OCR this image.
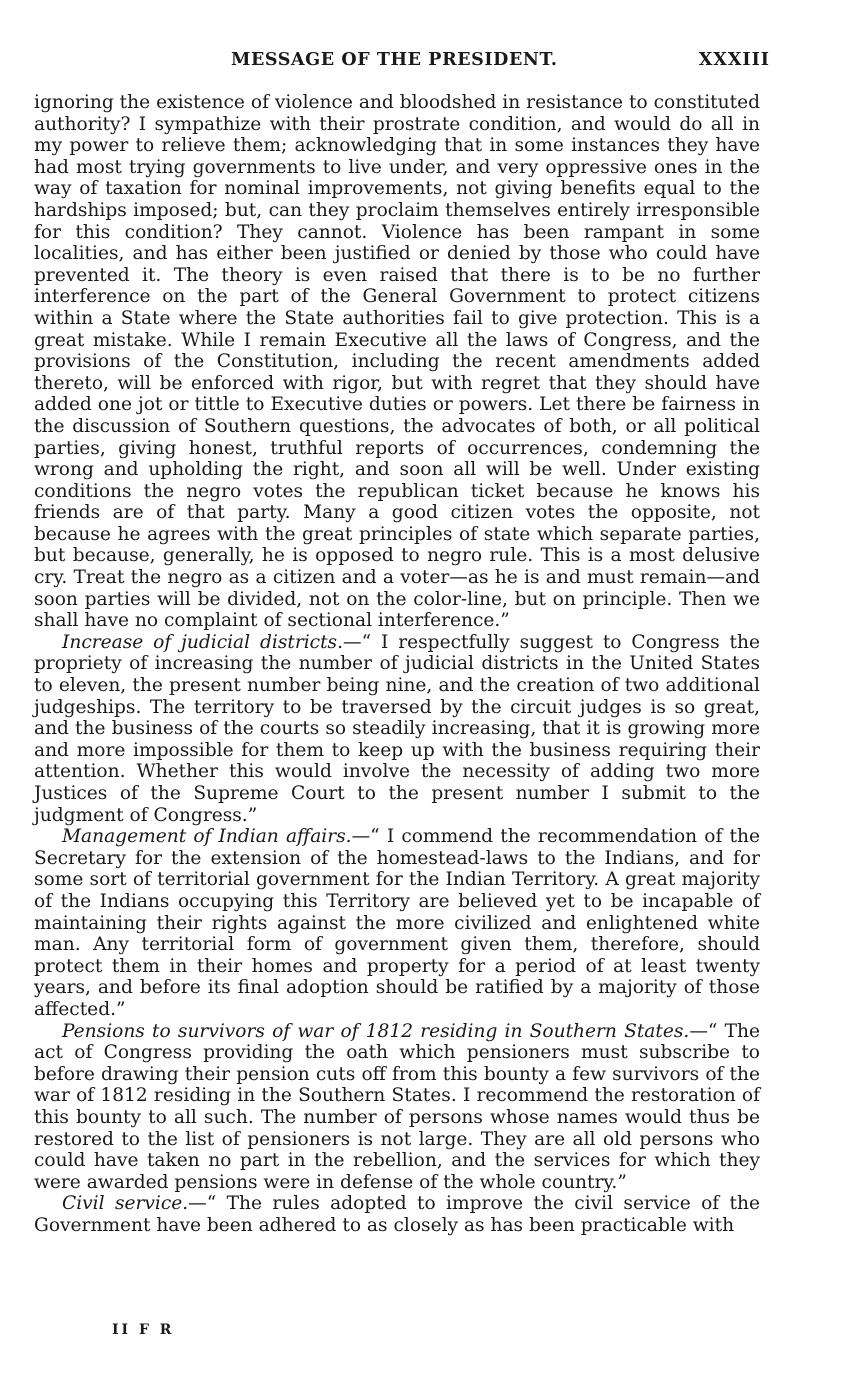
MESSAGE OF THE PRESIDENT.	XXXIII

ignoring the existence of violence and bloodshed in resistance to constituted authority? I sympathize with their prostrate condition, and would do all in my power to relieve them; acknowledging that in some instances they have had most trying governments to live under, and very oppressive ones in the way of taxation for nominal improvements, not giving benefits equal to the hardships imposed; but, can they proclaim themselves entirely irresponsible for this condition? They cannot. Violence has been rampant in some localities, and has either been justified or denied by those who could have prevented it. The theory is even raised that there is to be no further interference on the part of the General Government to protect citizens within a State where the State authorities fail to give protection. This is a great mistake. While I remain Executive all the laws of Congress, and the provisions of the Constitution, including the recent amendments added thereto, will be enforced with rigor, but with regret that they should have added one jot or tittle to Executive duties or powers. Let there be fairness in the discussion of Southern questions, the advocates of both, or all political parties, giving honest, truthful reports of occurrences, condemning the wrong and upholding the right, and soon all will be well. Under existing conditions the negro votes the republican ticket because he knows his friends are of that party. Many a good citizen votes the opposite, not because he agrees with the great principles of state which separate parties, but because, generally, he is opposed to negro rule. This is a most delusive cry. Treat the negro as a citizen and a voter—as he is and must remain—and soon parties will be divided, not on the color-line, but on principle. Then we shall have no complaint of sectional interference.”

Increase of judicial districts.—“ I respectfully suggest to Congress the propriety of increasing the number of judicial districts in the United States to eleven, the present number being nine, and the creation of two additional judgeships. The territory to be traversed by the circuit judges is so great, and the business of the courts so steadily increasing, that it is growing more and more impossible for them to keep up with the business requiring their attention. Whether this would involve the necessity of adding two more Justices of the Supreme Court to the present number I submit to the judgment of Congress.”

Management of Indian affairs.—“ I commend the recommendation of the Secretary for the extension of the homestead-laws to the Indians, and for some sort of territorial government for the Indian Territory. A great majority of the Indians occupying this Territory are believed yet to be incapable of maintaining their rights against the more civilized and enlightened white man. Any territorial form of government given them, therefore, should protect them in their homes and property for a period of at least twenty years, and before its final adoption should be ratified by a majority of those affected.”

Pensions to survivors of war of 1812 residing in Southern States.—“ The act of Congress providing the oath which pensioners must subscribe to before drawing their pension cuts off from this bounty a few survivors of the war of 1812 residing in the Southern States. I recommend the restoration of this bounty to all such. The number of persons whose names would thus be restored to the list of pensioners is not large. They are all old persons who could have taken no part in the rebellion, and the services for which they were awarded pensions were in defense of the whole country.”

Civil service.—“ The rules adopted to improve the civil service of the Government have been adhered to as closely as has been practicable with

II F R
